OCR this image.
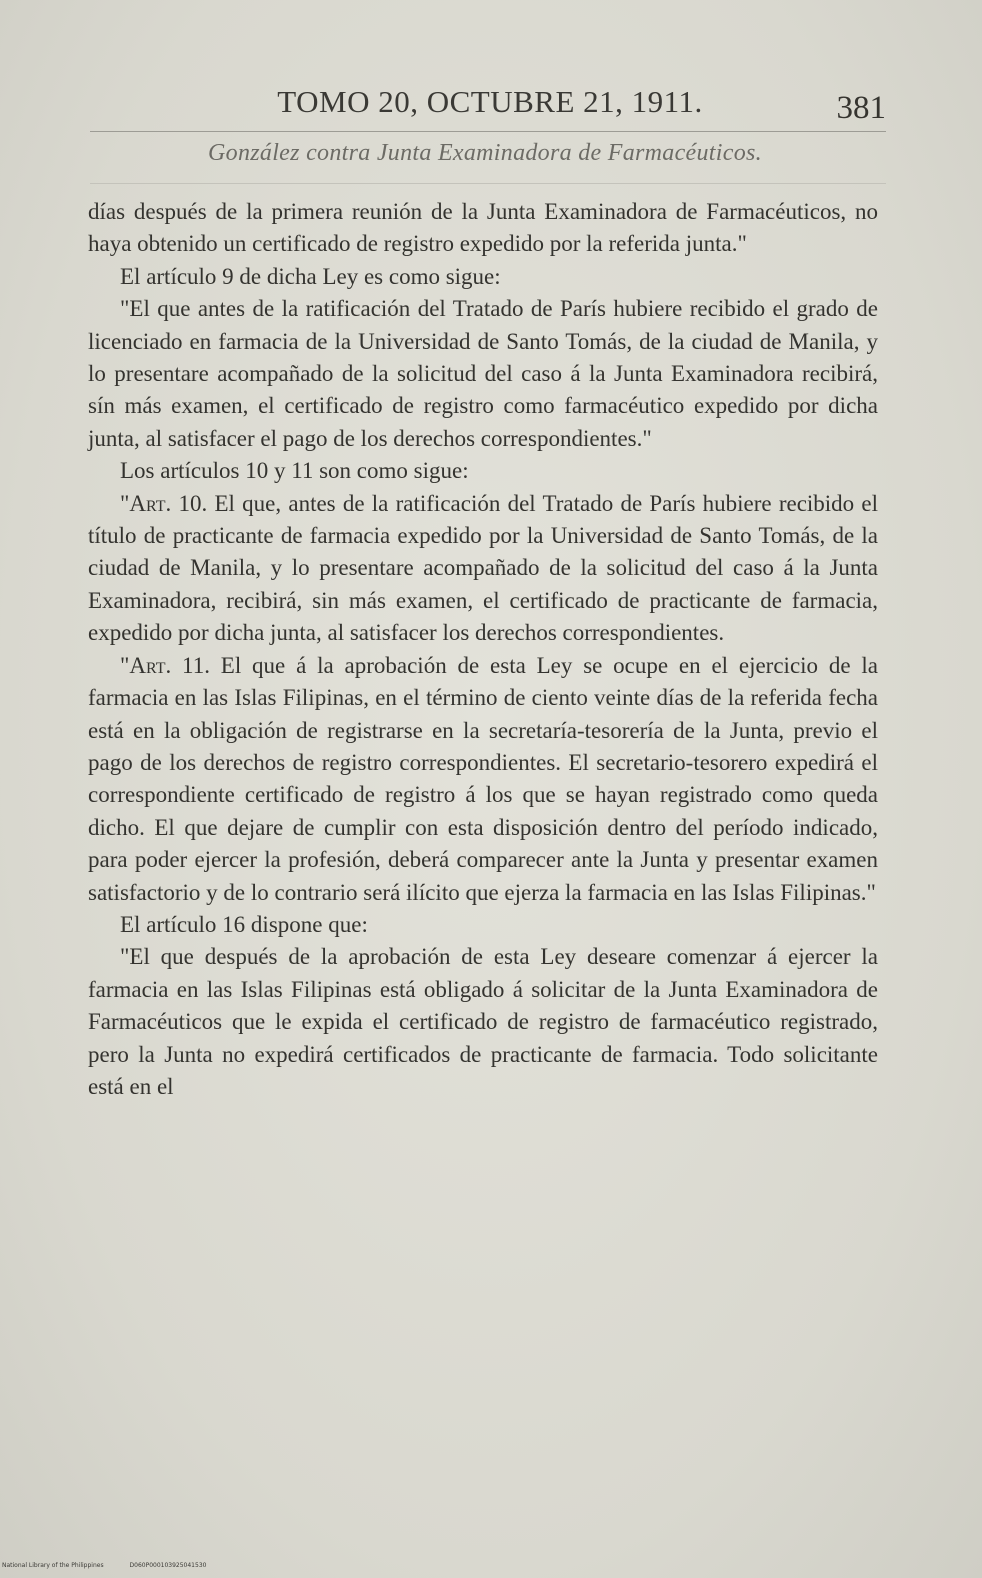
TOMO 20, OCTUBRE 21, 1911.	381
González contra Junta Examinadora de Farmacéuticos.

días después de la primera reunión de la Junta Examinadora de Farmacéuticos, no haya obtenido un certificado de registro expedido por la referida junta."

El artículo 9 de dicha Ley es como sigue:

"El que antes de la ratificación del Tratado de París hubiere recibido el grado de licenciado en farmacia de la Universidad de Santo Tomás, de la ciudad de Manila, y lo presentare acompañado de la solicitud del caso á la Junta Examinadora recibirá, sín más examen, el certificado de registro como farmacéutico expedido por dicha junta, al satisfacer el pago de los derechos correspondientes."

Los artículos 10 y 11 son como sigue:

"Art. 10. El que, antes de la ratificación del Tratado de París hubiere recibido el título de practicante de farmacia expedido por la Universidad de Santo Tomás, de la ciudad de Manila, y lo presentare acompañado de la solicitud del caso á la Junta Examinadora, recibirá, sin más examen, el certificado de practicante de farmacia, expedido por dicha junta, al satisfacer los derechos correspondientes.

"Art. 11. El que á la aprobación de esta Ley se ocupe en el ejercicio de la farmacia en las Islas Filipinas, en el término de ciento veinte días de la referida fecha está en la obligación de registrarse en la secretaría-tesorería de la Junta, previo el pago de los derechos de registro correspondientes. El secretario-tesorero expedirá el correspondiente certificado de registro á los que se hayan registrado como queda dicho. El que dejare de cumplir con esta disposición dentro del período indicado, para poder ejercer la profesión, deberá comparecer ante la Junta y presentar examen satisfactorio y de lo contrario será ilícito que ejerza la farmacia en las Islas Filipinas."

El artículo 16 dispone que:

"El que después de la aprobación de esta Ley deseare comenzar á ejercer la farmacia en las Islas Filipinas está obligado á solicitar de la Junta Examinadora de Farmacéuticos que le expida el certificado de registro de farmacéutico registrado, pero la Junta no expedirá certificados de practicante de farmacia. Todo solicitante está en el

National Library of the Philippines	D060P000103925041530
